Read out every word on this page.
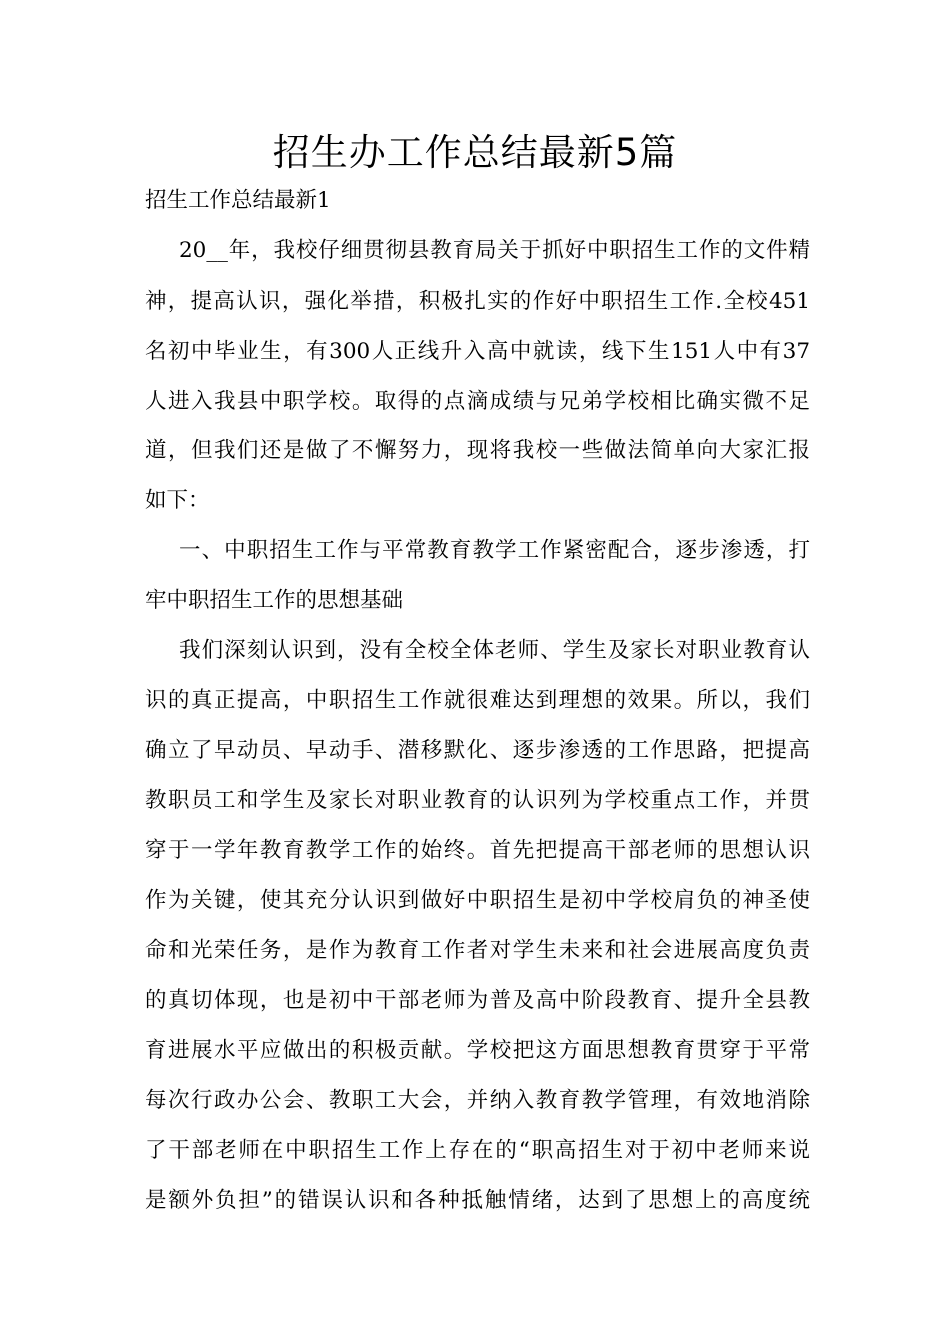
招生办工作总结最新5篇

招生工作总结最新1

20__年，我校仔细贯彻县教育局关于抓好中职招生工作的文件精

神，提高认识，强化举措，积极扎实的作好中职招生工作.全校451

名初中毕业生，有300人正线升入高中就读，线下生151人中有37

人进入我县中职学校。取得的点滴成绩与兄弟学校相比确实微不足

道，但我们还是做了不懈努力，现将我校一些做法简单向大家汇报

如下：

一、中职招生工作与平常教育教学工作紧密配合，逐步渗透，打

牢中职招生工作的思想基础

我们深刻认识到，没有全校全体老师、学生及家长对职业教育认

识的真正提高，中职招生工作就很难达到理想的效果。所以，我们

确立了早动员、早动手、潜移默化、逐步渗透的工作思路，把提高

教职员工和学生及家长对职业教育的认识列为学校重点工作，并贯

穿于一学年教育教学工作的始终。首先把提高干部老师的思想认识

作为关键，使其充分认识到做好中职招生是初中学校肩负的神圣使

命和光荣任务，是作为教育工作者对学生未来和社会进展高度负责

的真切体现，也是初中干部老师为普及高中阶段教育、提升全县教

育进展水平应做出的积极贡献。学校把这方面思想教育贯穿于平常

每次行政办公会、教职工大会，并纳入教育教学管理，有效地消除

了干部老师在中职招生工作上存在的“职高招生对于初中老师来说

是额外负担”的错误认识和各种抵触情绪，达到了思想上的高度统
